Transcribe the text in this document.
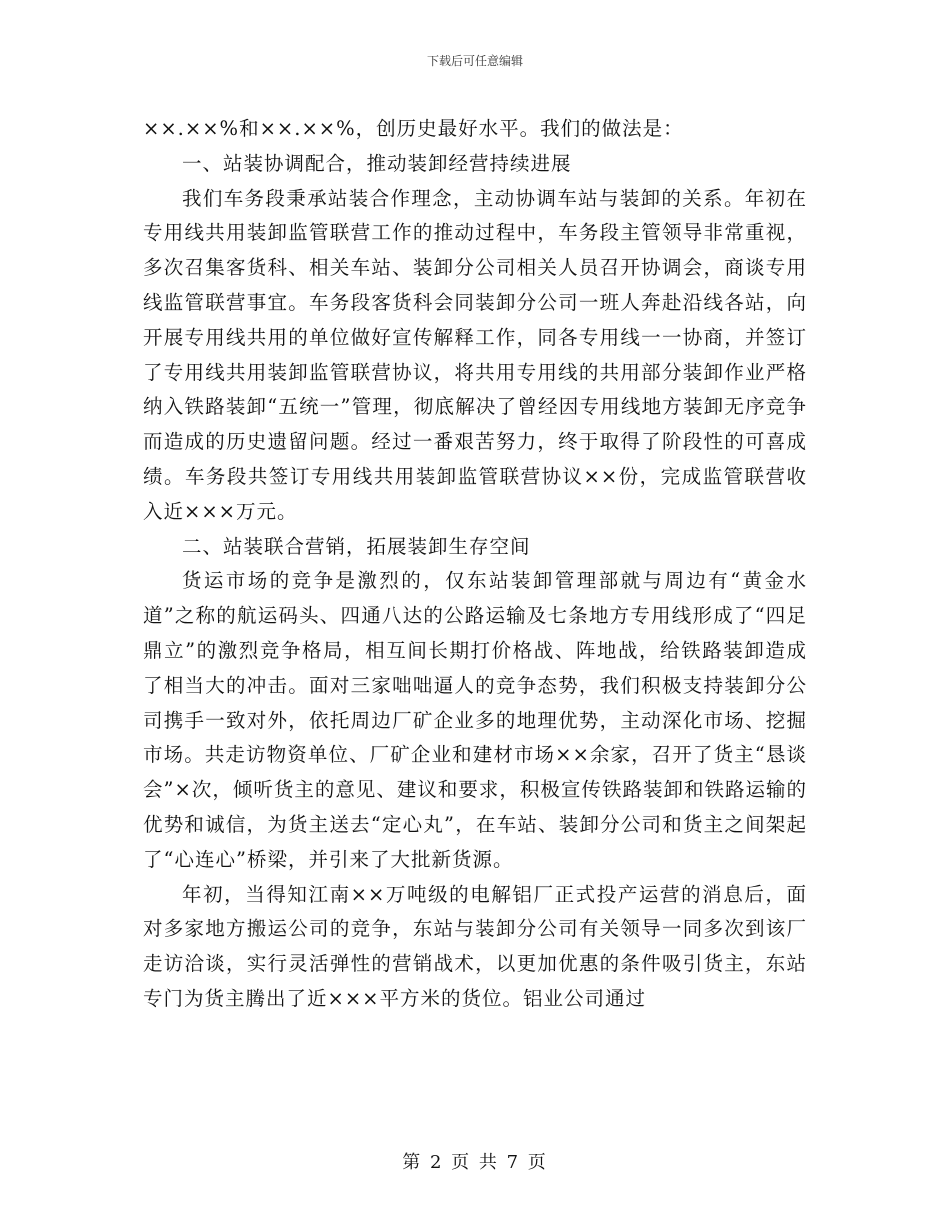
下载后可任意编辑

××.××%和××.××%，创历史最好水平。我们的做法是：

一、站装协调配合，推动装卸经营持续进展

我们车务段秉承站装合作理念，主动协调车站与装卸的关系。年初在专用线共用装卸监管联营工作的推动过程中，车务段主管领导非常重视，多次召集客货科、相关车站、装卸分公司相关人员召开协调会，商谈专用线监管联营事宜。车务段客货科会同装卸分公司一班人奔赴沿线各站，向开展专用线共用的单位做好宣传解释工作，同各专用线一一协商，并签订了专用线共用装卸监管联营协议，将共用专用线的共用部分装卸作业严格纳入铁路装卸“五统一”管理，彻底解决了曾经因专用线地方装卸无序竞争而造成的历史遗留问题。经过一番艰苦努力，终于取得了阶段性的可喜成绩。车务段共签订专用线共用装卸监管联营协议××份，完成监管联营收入近×××万元。

二、站装联合营销，拓展装卸生存空间

货运市场的竞争是激烈的，仅东站装卸管理部就与周边有“黄金水道”之称的航运码头、四通八达的公路运输及七条地方专用线形成了“四足鼎立”的激烈竞争格局，相互间长期打价格战、阵地战，给铁路装卸造成了相当大的冲击。面对三家咄咄逼人的竞争态势，我们积极支持装卸分公司携手一致对外，依托周边厂矿企业多的地理优势，主动深化市场、挖掘市场。共走访物资单位、厂矿企业和建材市场××余家，召开了货主“恳谈会”×次，倾听货主的意见、建议和要求，积极宣传铁路装卸和铁路运输的优势和诚信，为货主送去“定心丸”，在车站、装卸分公司和货主之间架起了“心连心”桥梁，并引来了大批新货源。

年初，当得知江南××万吨级的电解铝厂正式投产运营的消息后，面对多家地方搬运公司的竞争，东站与装卸分公司有关领导一同多次到该厂走访洽谈，实行灵活弹性的营销战术，以更加优惠的条件吸引货主，东站专门为货主腾出了近×××平方米的货位。铝业公司通过

第 2 页 共 7 页
